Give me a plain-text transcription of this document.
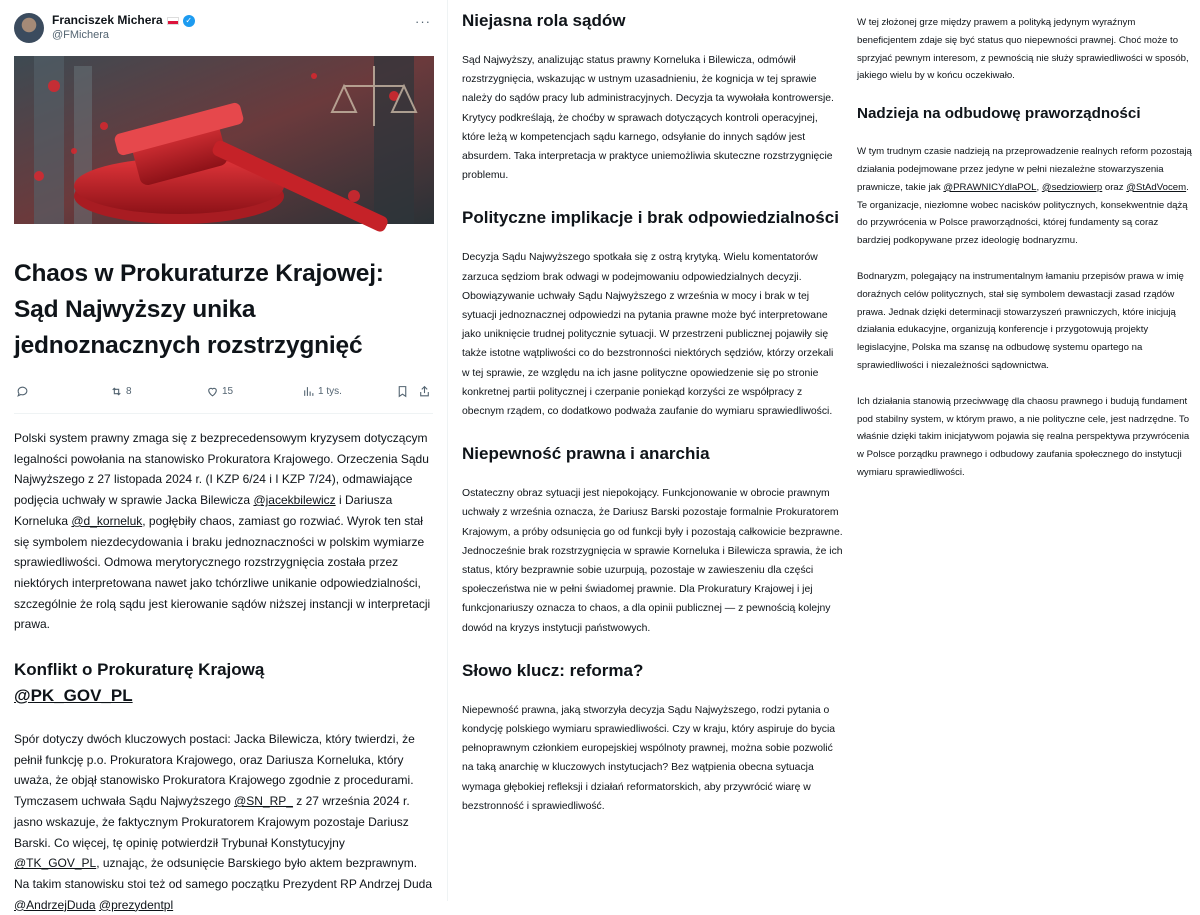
Franciszek Michera	✓
@FMichera
···
Chaos w Prokuraturze Krajowej: Sąd Najwyższy unika jednoznacznych rozstrzygnięć
8	15	1 tys.

Polski system prawny zmaga się z bezprecedensowym kryzysem dotyczącym legalności powołania na stanowisko Prokuratora Krajowego. Orzeczenia Sądu Najwyższego z 27 listopada 2024 r. (I KZP 6/24 i I KZP 7/24), odmawiające podjęcia uchwały w sprawie Jacka Bilewicza @jacekbilewicz i Dariusza Korneluka @d_korneluk, pogłębiły chaos, zamiast go rozwiać. Wyrok ten stał się symbolem niezdecydowania i braku jednoznaczności w polskim wymiarze sprawiedliwości. Odmowa merytorycznego rozstrzygnięcia została przez niektórych interpretowana nawet jako tchórzliwe unikanie odpowiedzialności, szczególnie że rolą sądu jest kierowanie sądów niższej instancji w interpretacji prawa.

Konflikt o Prokuraturę Krajową
@PK_GOV_PL

Spór dotyczy dwóch kluczowych postaci: Jacka Bilewicza, który twierdzi, że pełnił funkcję p.o. Prokuratora Krajowego, oraz Dariusza Korneluka, który uważa, że objął stanowisko Prokuratora Krajowego zgodnie z procedurami. Tymczasem uchwała Sądu Najwyższego @SN_RP_ z 27 września 2024 r. jasno wskazuje, że faktycznym Prokuratorem Krajowym pozostaje Dariusz Barski. Co więcej, tę opinię potwierdził Trybunał Konstytucyjny @TK_GOV_PL, uznając, że odsunięcie Barskiego było aktem bezprawnym. Na takim stanowisku stoi też od samego początku Prezydent RP Andrzej Duda @AndrzejDuda @prezydentpl

Niejasna rola sądów

Sąd Najwyższy, analizując status prawny Korneluka i Bilewicza, odmówił rozstrzygnięcia, wskazując w ustnym uzasadnieniu, że kognicja w tej sprawie należy do sądów pracy lub administracyjnych. Decyzja ta wywołała kontrowersje. Krytycy podkreślają, że choćby w sprawach dotyczących kontroli operacyjnej, które leżą w kompetencjach sądu karnego, odsyłanie do innych sądów jest absurdem. Taka interpretacja w praktyce uniemożliwia skuteczne rozstrzygnięcie problemu.

Polityczne implikacje i brak odpowiedzialności

Decyzja Sądu Najwyższego spotkała się z ostrą krytyką. Wielu komentatorów zarzuca sędziom brak odwagi w podejmowaniu odpowiedzialnych decyzji. Obowiązywanie uchwały Sądu Najwyższego z września w mocy i brak w tej sytuacji jednoznacznej odpowiedzi na pytania prawne może być interpretowane jako uniknięcie trudnej politycznie sytuacji. W przestrzeni publicznej pojawiły się także istotne wątpliwości co do bezstronności niektórych sędziów, którzy orzekali w tej sprawie, ze względu na ich jasne polityczne opowiedzenie się po stronie konkretnej partii politycznej i czerpanie poniekąd korzyści ze współpracy z obecnym rządem, co dodatkowo podważa zaufanie do wymiaru sprawiedliwości.

Niepewność prawna i anarchia

Ostateczny obraz sytuacji jest niepokojący. Funkcjonowanie w obrocie prawnym uchwały z września oznacza, że Dariusz Barski pozostaje formalnie Prokuratorem Krajowym, a próby odsunięcia go od funkcji były i pozostają całkowicie bezprawne. Jednocześnie brak rozstrzygnięcia w sprawie Korneluka i Bilewicza sprawia, że ich status, który bezprawnie sobie uzurpują, pozostaje w zawieszeniu dla części społeczeństwa nie w pełni świadomej prawnie. Dla Prokuratury Krajowej i jej funkcjonariuszy oznacza to chaos, a dla opinii publicznej — z pewnością kolejny dowód na kryzys instytucji państwowych.

Słowo klucz: reforma?

Niepewność prawna, jaką stworzyła decyzja Sądu Najwyższego, rodzi pytania o kondycję polskiego wymiaru sprawiedliwości. Czy w kraju, który aspiruje do bycia pełnoprawnym członkiem europejskiej wspólnoty prawnej, można sobie pozwolić na taką anarchię w kluczowych instytucjach? Bez wątpienia obecna sytuacja wymaga głębokiej refleksji i działań reformatorskich, aby przywrócić wiarę w bezstronność i sprawiedliwość.

W tej złożonej grze między prawem a polityką jedynym wyraźnym beneficjentem zdaje się być status quo niepewności prawnej. Choć może to sprzyjać pewnym interesom, z pewnością nie służy sprawiedliwości w sposób, jakiego wielu by w końcu oczekiwało.

Nadzieja na odbudowę praworządności

W tym trudnym czasie nadzieją na przeprowadzenie realnych reform pozostają działania podejmowane przez jedyne w pełni niezależne stowarzyszenia prawnicze, takie jak @PRAWNICYdlaPOL, @sedziowierp oraz @StAdVocem. Te organizacje, niezłomne wobec nacisków politycznych, konsekwentnie dążą do przywrócenia w Polsce praworządności, której fundamenty są coraz bardziej podkopywane przez ideologię bodnaryzmu.

Bodnaryzm, polegający na instrumentalnym łamaniu przepisów prawa w imię doraźnych celów politycznych, stał się symbolem dewastacji zasad rządów prawa. Jednak dzięki determinacji stowarzyszeń prawniczych, które inicjują działania edukacyjne, organizują konferencje i przygotowują projekty legislacyjne, Polska ma szansę na odbudowę systemu opartego na sprawiedliwości i niezależności sądownictwa.

Ich działania stanowią przeciwwagę dla chaosu prawnego i budują fundament pod stabilny system, w którym prawo, a nie polityczne cele, jest nadrzędne. To właśnie dzięki takim inicjatywom pojawia się realna perspektywa przywrócenia w Polsce porządku prawnego i odbudowy zaufania społecznego do instytucji wymiaru sprawiedliwości.
